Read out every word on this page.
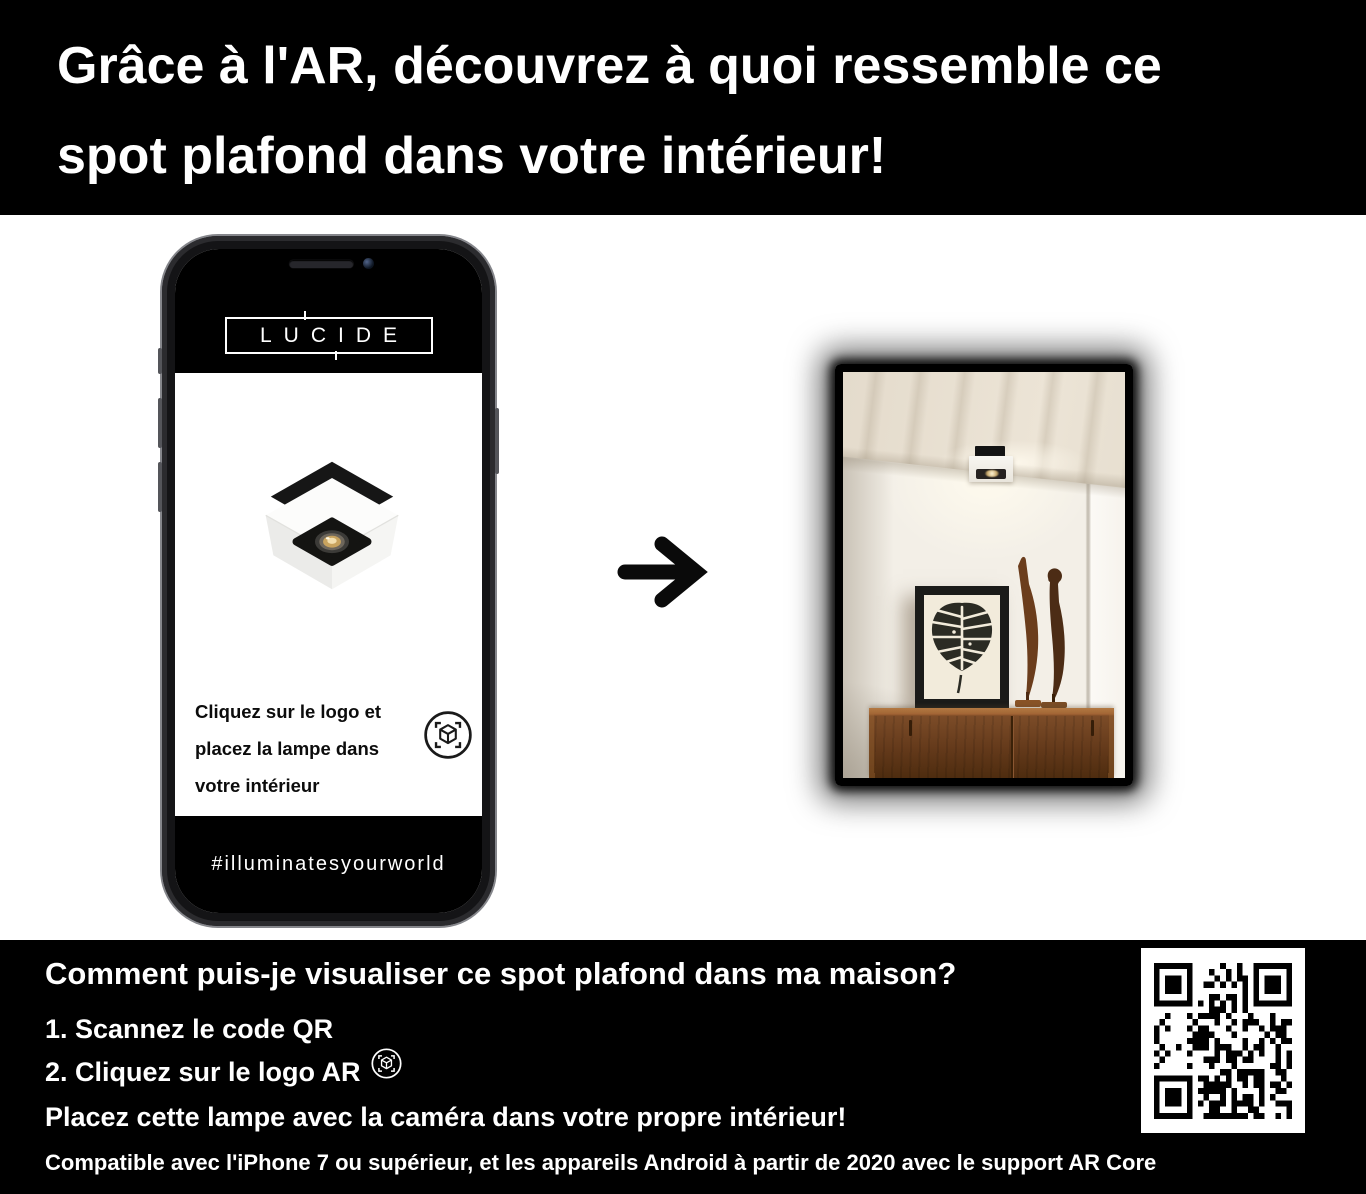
Grâce à l'AR, découvrez à quoi ressemble ce
spot plafond dans votre intérieur!
LUCIDE
Cliquez sur le logo et
placez la lampe dans
votre intérieur
#illuminatesyourworld
Comment puis-je visualiser ce spot plafond dans ma maison?
1. Scannez le code QR
2. Cliquez sur le logo AR
Placez cette lampe avec la caméra dans votre propre intérieur!
Compatible avec l'iPhone 7 ou supérieur, et les appareils Android à partir de 2020 avec le support AR Core
